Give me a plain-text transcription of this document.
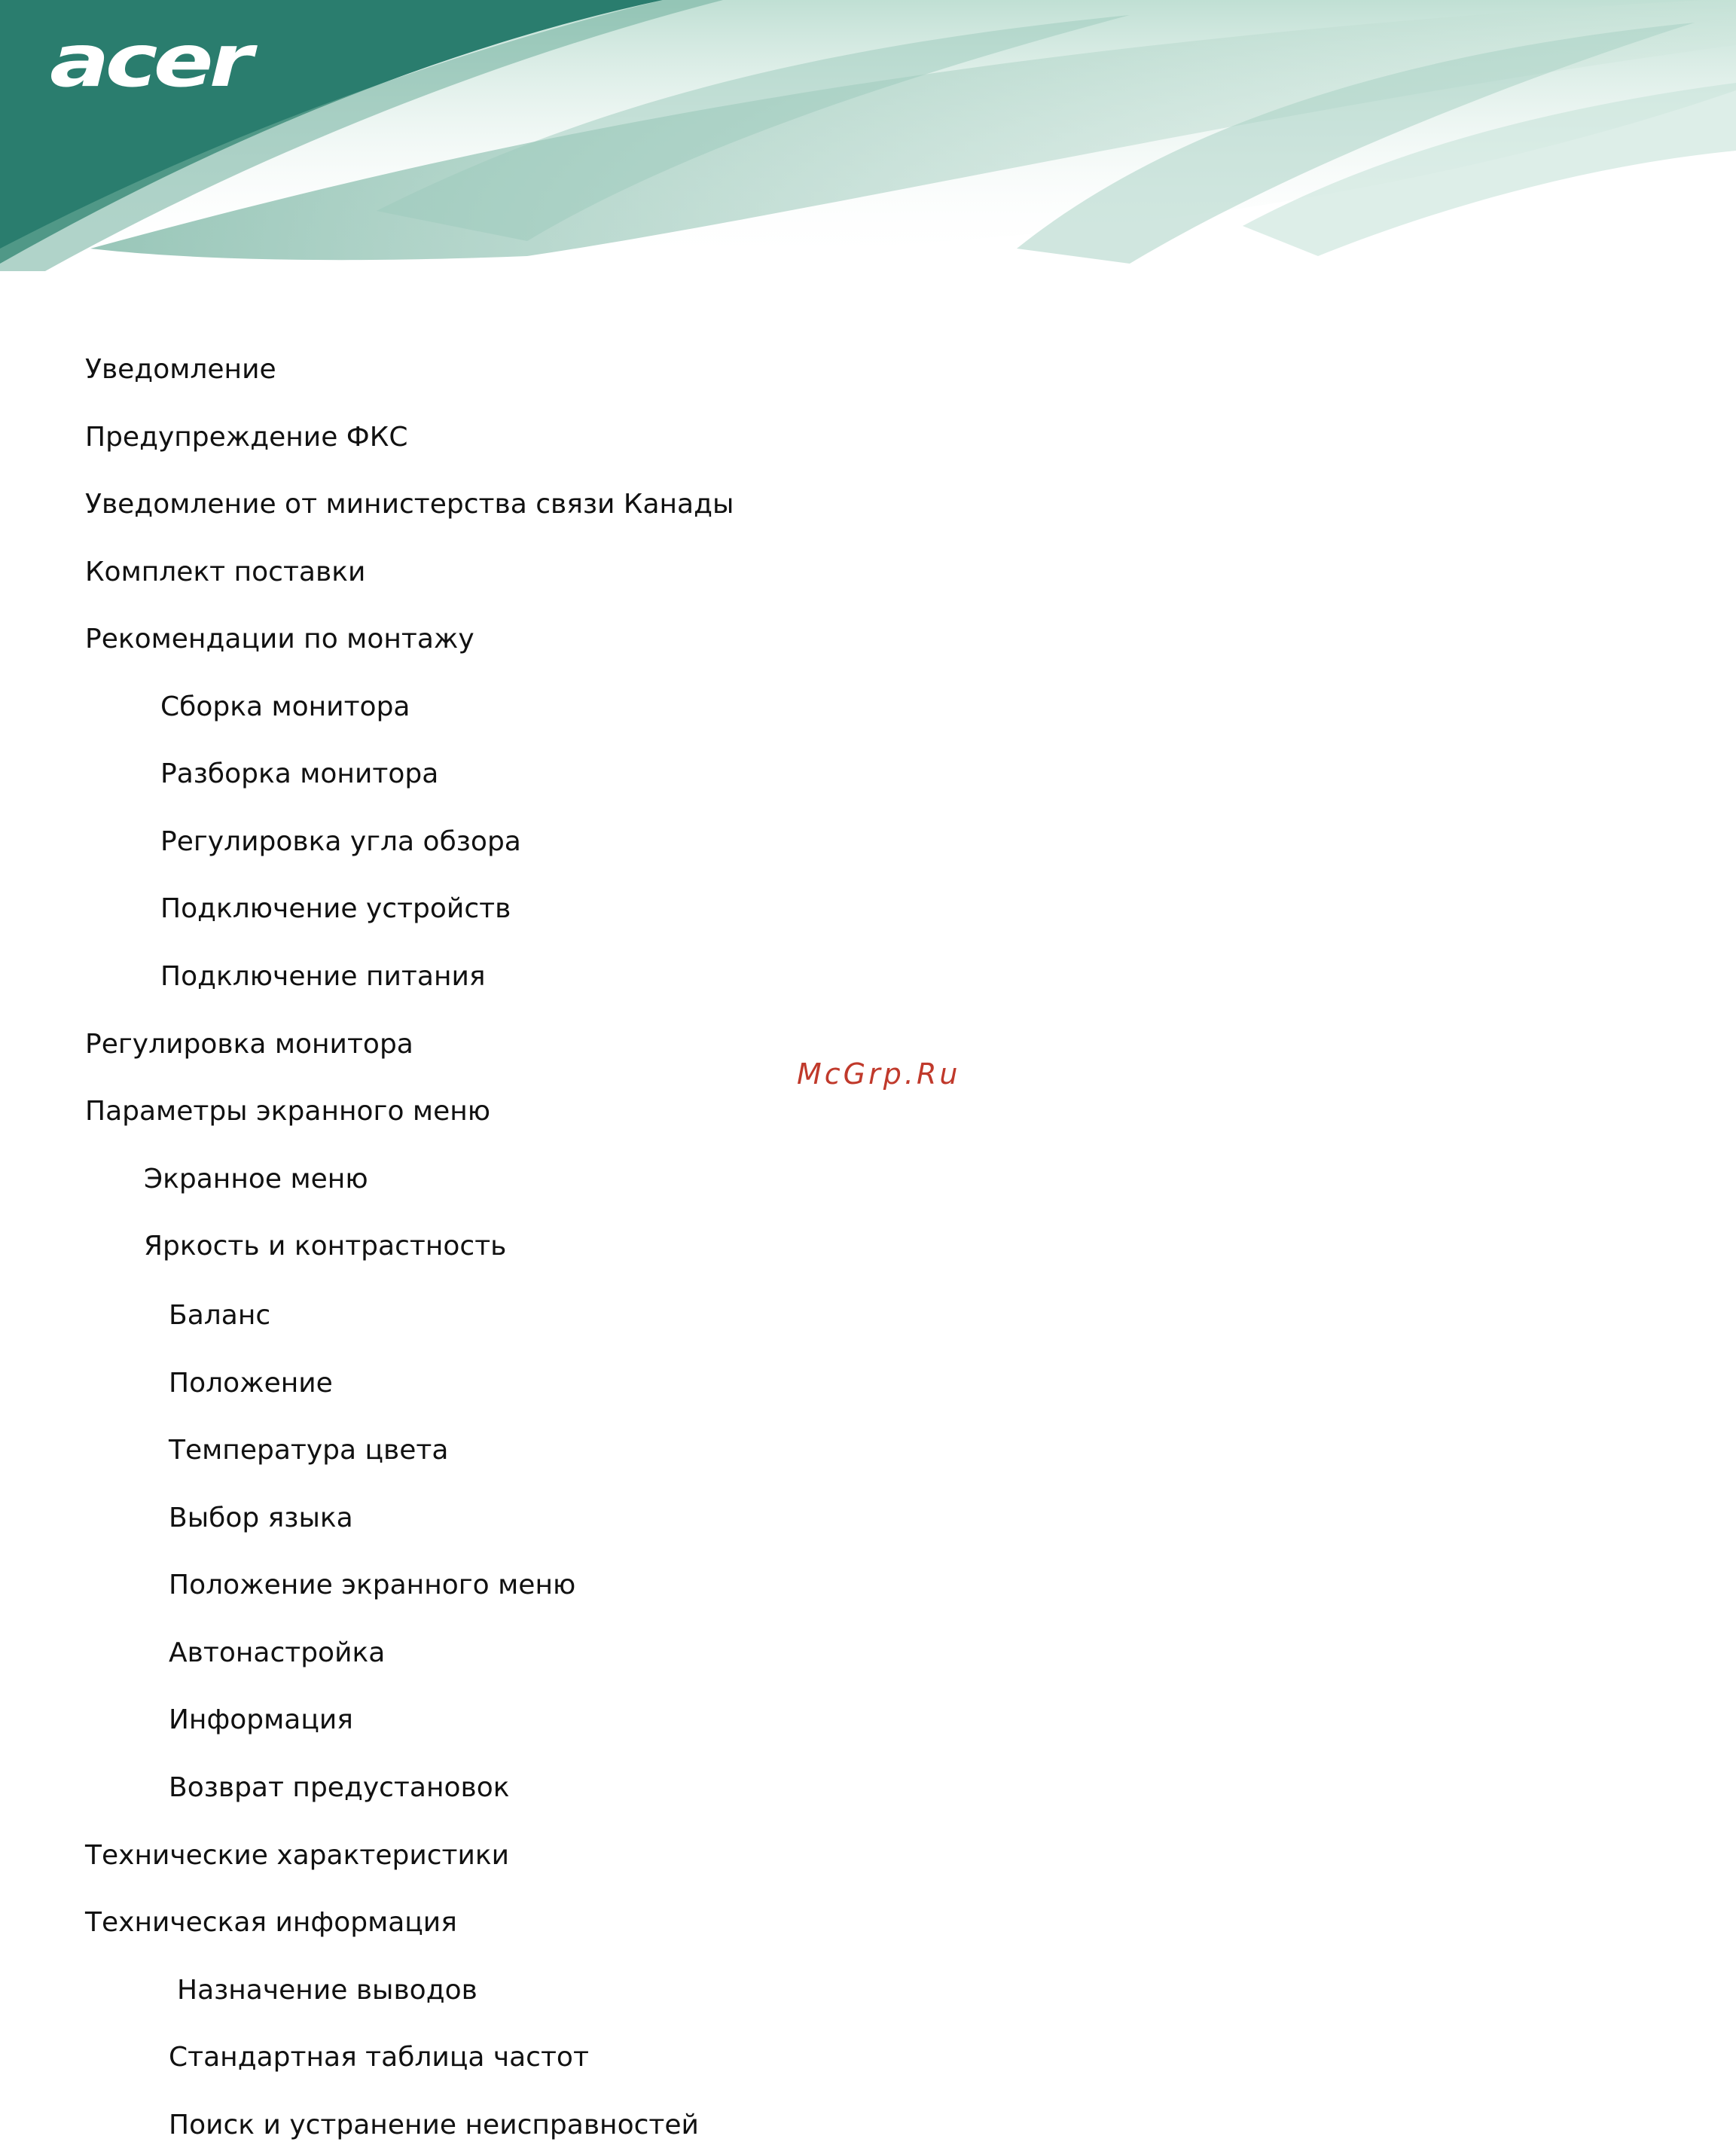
acer
Уведомление
Предупреждение ФКС
Уведомление от министерства связи Канады
Комплект поставки
Рекомендации по монтажу
Сборка монитора
Разборка монитора
Регулировка угла обзора
Подключение устройств
Подключение питания
Регулировка монитора
Параметры экранного меню
Экранное меню
Яркость и контрастность
Баланс
Положение
Температура цвета
Выбор языка
Положение экранного меню
Автонастройка
Информация
Возврат предустановок
Технические характеристики
Техническая информация
Назначение выводов
Стандартная таблица частот
Поиск и устранение неисправностей
McGrp.Ru
